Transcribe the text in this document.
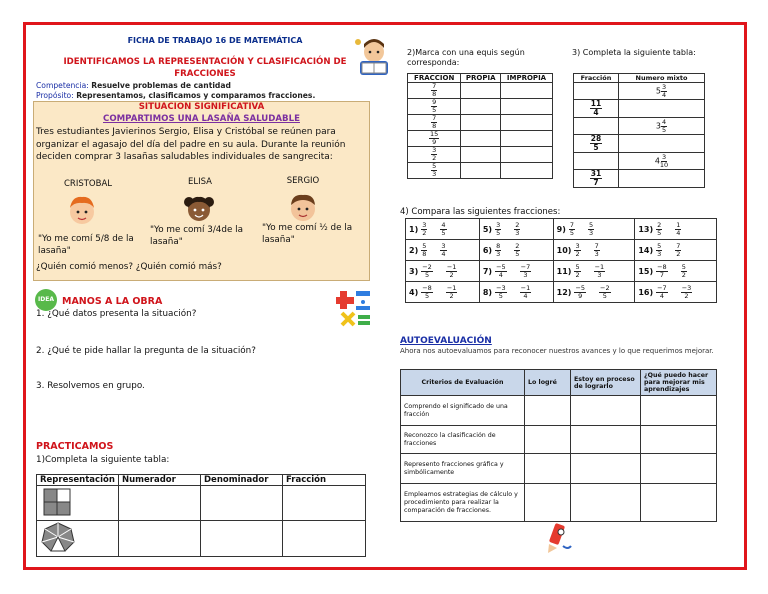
FICHA DE TRABAJO 16 DE MATEMÁTICA
IDENTIFICAMOS LA REPRESENTACIÓN Y CLASIFICACIÓN DE FRACCIONES
Competencia: Resuelve problemas de cantidad
Propósito: Representamos, clasificamos y comparamos fracciones.
SITUACION SIGNIFICATIVA
COMPARTIMOS UNA LASAÑA SALUDABLE
Tres estudiantes Javierinos Sergio, Elisa y Cristóbal se reúnen para organizar el agasajo del día del padre en su aula. Durante la reunión deciden comprar 3 lasañas saludables individuales de sangrecita:
CRISTOBAL	ELISA	SERGIO
"Yo me comí 5/8 de la lasaña"
"Yo me comí 3/4de la lasaña"
"Yo me comí ½ de la lasaña"
¿Quién comió menos? ¿Quién comió más?
IDEA MANOS A LA OBRA
1. ¿Qué datos presenta la situación?
2. ¿Qué te pide hallar la pregunta de la situación?
3. Resolvemos en grupo.
PRACTICAMOS
1)Completa la siguiente tabla:
Representación	Numerador	Denominador	Fracción

2)Marca con una equis según corresponda:
FRACCION	PROPIA	IMPROPIA

$\frac{7}{8}$

$\frac{9}{5}$

$\frac{7}{8}$

$\frac{15}{9}$

$\frac{3}{2}$

$\frac{5}{3}$

3) Completa la siguiente tabla:
Fracción	Numero mixto
	$5 \frac{3}{4}$

$\frac{11}{4}$

	$3 \frac{4}{5}$

$\frac{28}{5}$

	$4 \frac{3}{10}$

$\frac{31}{7}$

4) Compara las siguientes fracciones:
$1) \frac{3}{2} \frac{4}{5}$	$5) \frac{3}{5} \frac{2}{3}$	$9) \frac{7}{5} \frac{5}{3}$	$13) \frac{2}{5} \frac{1}{4}$

$2) \frac{5}{8} \frac{3}{4}$	$6) \frac{8}{3} \frac{2}{5}$	$10) \frac{3}{2} \frac{7}{3}$	$14) \frac{5}{3} \frac{7}{2}$

$3) \frac{-2}{5} \frac{-1}{2}$	$7) \frac{-5}{4} \frac{-7}{3}$	$11) \frac{5}{2} \frac{-1}{3}$	$15) \frac{-8}{7} \frac{5}{2}$

$4) \frac{-8}{5} \frac{-1}{2}$	$8) \frac{-3}{5} \frac{-1}{4}$	$12) \frac{-5}{9} \frac{-2}{5}$	$16) \frac{-7}{4} \frac{-3}{2}$
AUTOEVALUACIÓN
Ahora nos autoevaluamos para reconocer nuestros avances y lo que requerimos mejorar.
Criterios de Evaluación	Lo logré	Estoy en proceso de lograrlo	¿Qué puedo hacer para mejorar mis aprendizajes
Comprendo el significado de una fracción			
Reconozco la clasificación de fracciones			
Represento fracciones gráfica y simbólicamente			
Empleamos estrategias de cálculo y procedimiento para realizar la comparación de fracciones.			
